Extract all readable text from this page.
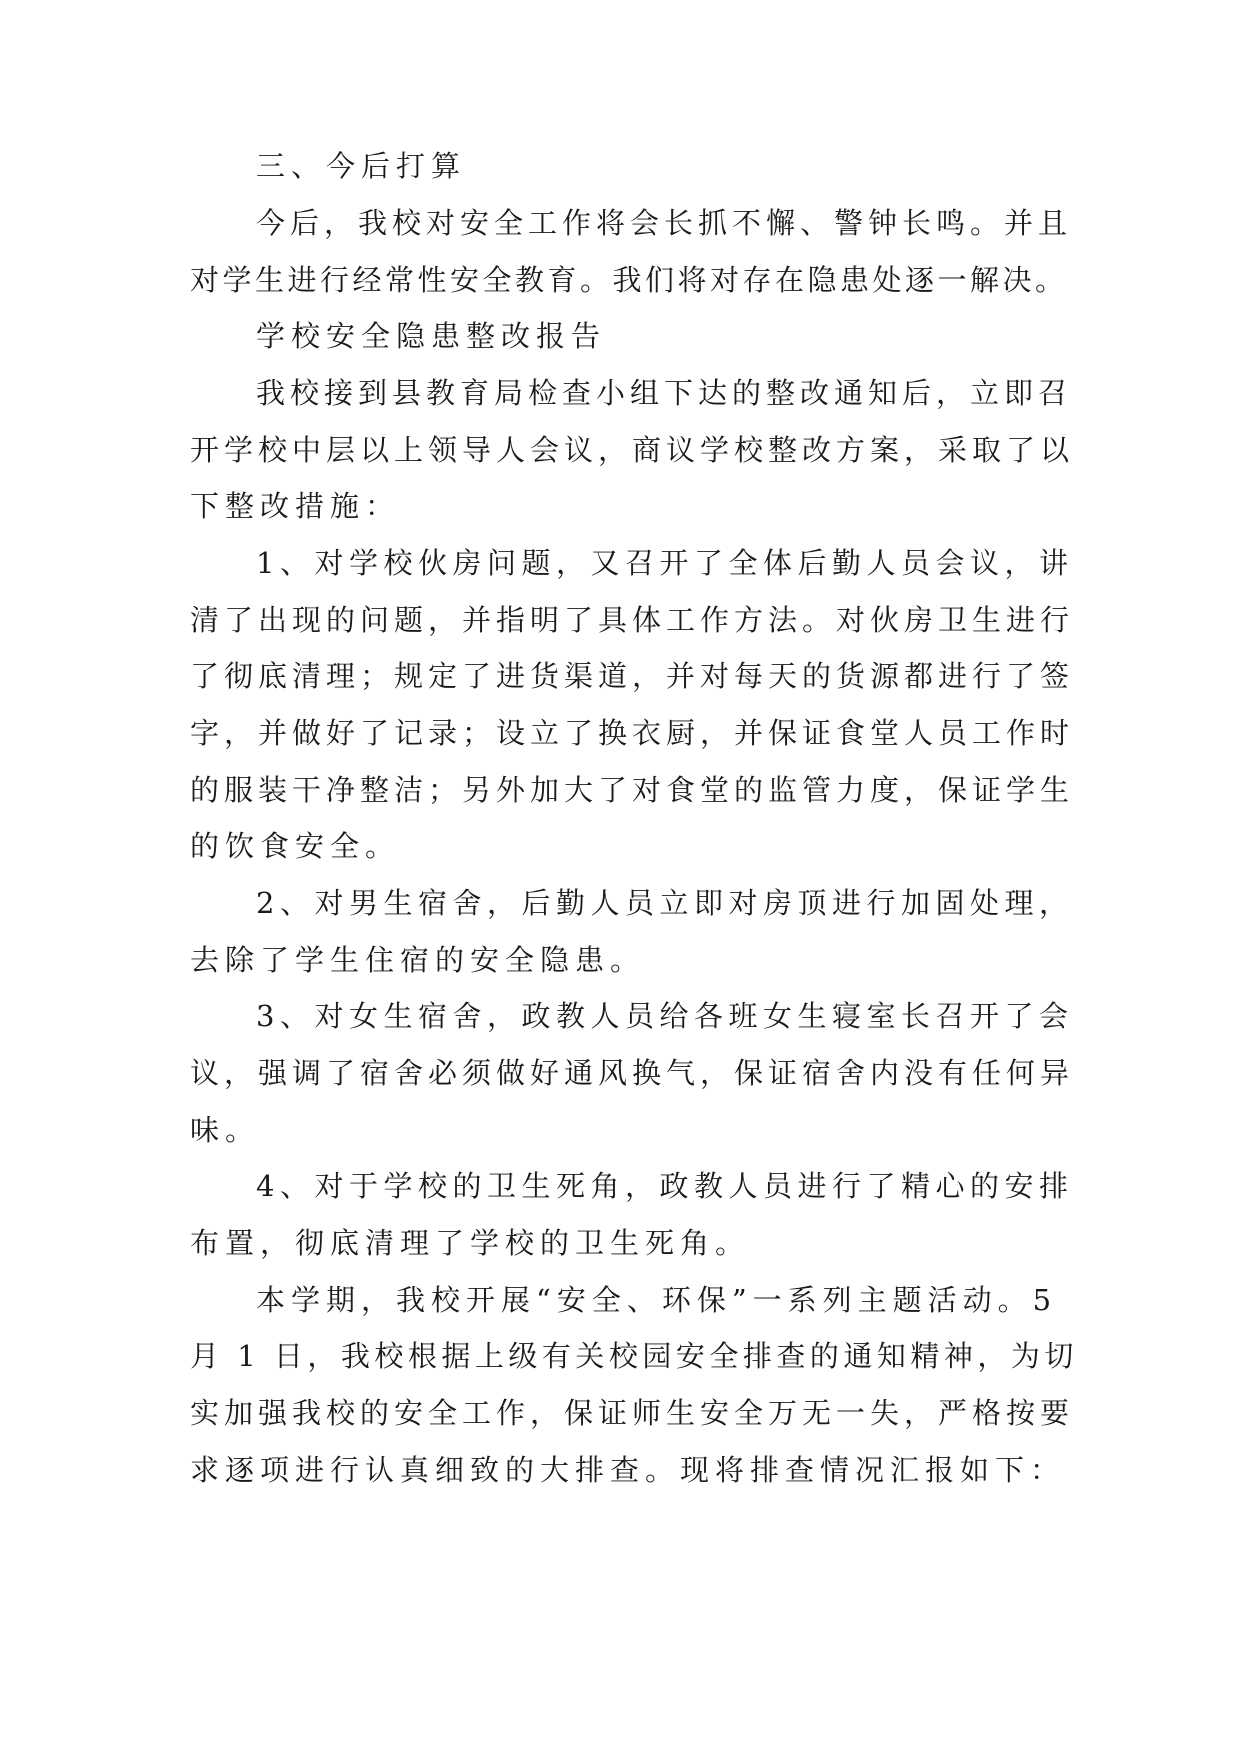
三、今后打算
今后，我校对安全工作将会长抓不懈、警钟长鸣。并且
对学生进行经常性安全教育。我们将对存在隐患处逐一解决。
学校安全隐患整改报告
我校接到县教育局检查小组下达的整改通知后，立即召
开学校中层以上领导人会议，商议学校整改方案，采取了以
下整改措施：
1、对学校伙房问题，又召开了全体后勤人员会议，讲
清了出现的问题，并指明了具体工作方法。对伙房卫生进行
了彻底清理；规定了进货渠道，并对每天的货源都进行了签
字，并做好了记录；设立了换衣厨，并保证食堂人员工作时
的服装干净整洁；另外加大了对食堂的监管力度，保证学生
的饮食安全。
2、对男生宿舍，后勤人员立即对房顶进行加固处理，
去除了学生住宿的安全隐患。
3、对女生宿舍，政教人员给各班女生寝室长召开了会
议，强调了宿舍必须做好通风换气，保证宿舍内没有任何异
味。
4、对于学校的卫生死角，政教人员进行了精心的安排
布置，彻底清理了学校的卫生死角。
本学期，我校开展“安全、环保”一系列主题活动。5
月 1 日，我校根据上级有关校园安全排查的通知精神，为切
实加强我校的安全工作，保证师生安全万无一失，严格按要
求逐项进行认真细致的大排查。现将排查情况汇报如下：
